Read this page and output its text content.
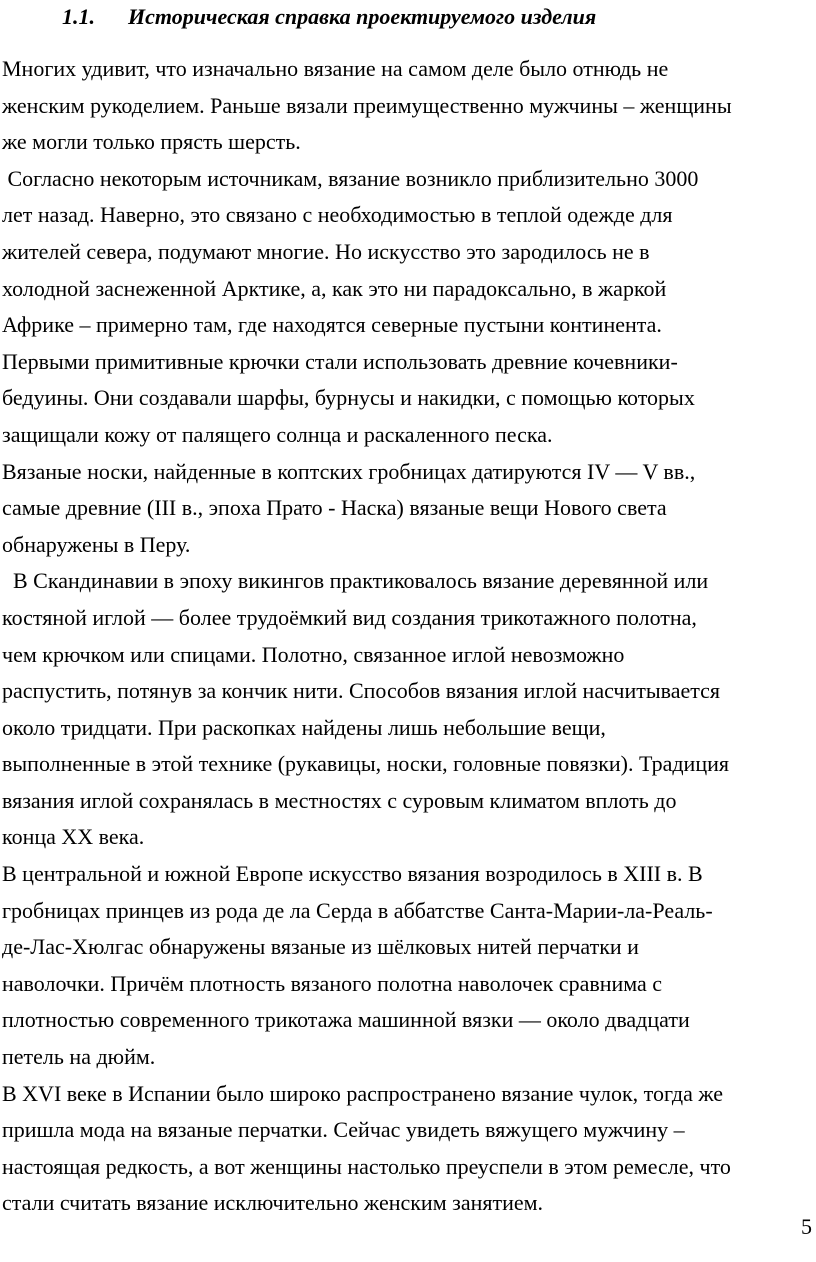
1.1. Историческая справка проектируемого изделия
Многих удивит, что изначально вязание на самом деле было отнюдь не
женским рукоделием. Раньше вязали преимущественно мужчины – женщины
же могли только прясть шерсть.
Согласно некоторым источникам, вязание возникло приблизительно 3000
лет назад. Наверно, это связано с необходимостью в теплой одежде для
жителей севера, подумают многие. Но искусство это зародилось не в
холодной заснеженной Арктике, а, как это ни парадоксально, в жаркой
Африке – примерно там, где находятся северные пустыни континента.
Первыми примитивные крючки стали использовать древние кочевники-
бедуины. Они создавали шарфы, бурнусы и накидки, с помощью которых
защищали кожу от палящего солнца и раскаленного песка.
Вязаные носки, найденные в коптских гробницах датируются IV — V вв.,
самые древние (III в., эпоха Прато - Наска) вязаные вещи Нового света
обнаружены в Перу.
В Скандинавии в эпоху викингов практиковалось вязание деревянной или
костяной иглой — более трудоёмкий вид создания трикотажного полотна,
чем крючком или спицами. Полотно, связанное иглой невозможно
распустить, потянув за кончик нити. Способов вязания иглой насчитывается
около тридцати. При раскопках найдены лишь небольшие вещи,
выполненные в этой технике (рукавицы, носки, головные повязки). Традиция
вязания иглой сохранялась в местностях с суровым климатом вплоть до
конца XX века.
В центральной и южной Европе искусство вязания возродилось в XIII в. В
гробницах принцев из рода де ла Серда в аббатстве Санта-Марии-ла-Реаль-
де-Лас-Хюлгас обнаружены вязаные из шёлковых нитей перчатки и
наволочки. Причём плотность вязаного полотна наволочек сравнима с
плотностью современного трикотажа машинной вязки — около двадцати
петель на дюйм.
В XVI веке в Испании было широко распространено вязание чулок, тогда же
пришла мода на вязаные перчатки. Сейчас увидеть вяжущего мужчину –
настоящая редкость, а вот женщины настолько преуспели в этом ремесле, что
стали считать вязание исключительно женским занятием.
5
